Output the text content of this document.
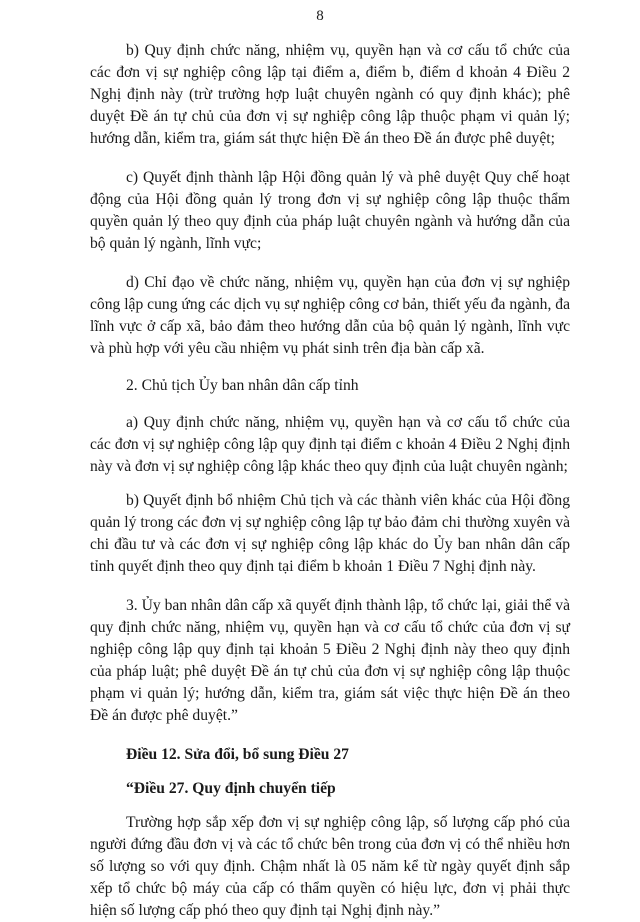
8

b) Quy định chức năng, nhiệm vụ, quyền hạn và cơ cấu tổ chức của các đơn vị sự nghiệp công lập tại điểm a, điểm b, điểm d khoản 4 Điều 2 Nghị định này (trừ trường hợp luật chuyên ngành có quy định khác); phê duyệt Đề án tự chủ của đơn vị sự nghiệp công lập thuộc phạm vi quản lý; hướng dẫn, kiểm tra, giám sát thực hiện Đề án theo Đề án được phê duyệt;

c) Quyết định thành lập Hội đồng quản lý và phê duyệt Quy chế hoạt động của Hội đồng quản lý trong đơn vị sự nghiệp công lập thuộc thẩm quyền quản lý theo quy định của pháp luật chuyên ngành và hướng dẫn của bộ quản lý ngành, lĩnh vực;

d) Chỉ đạo về chức năng, nhiệm vụ, quyền hạn của đơn vị sự nghiệp công lập cung ứng các dịch vụ sự nghiệp công cơ bản, thiết yếu đa ngành, đa lĩnh vực ở cấp xã, bảo đảm theo hướng dẫn của bộ quản lý ngành, lĩnh vực và phù hợp với yêu cầu nhiệm vụ phát sinh trên địa bàn cấp xã.

2. Chủ tịch Ủy ban nhân dân cấp tỉnh

a) Quy định chức năng, nhiệm vụ, quyền hạn và cơ cấu tổ chức của các đơn vị sự nghiệp công lập quy định tại điểm c khoản 4 Điều 2 Nghị định này và đơn vị sự nghiệp công lập khác theo quy định của luật chuyên ngành;

b) Quyết định bổ nhiệm Chủ tịch và các thành viên khác của Hội đồng quản lý trong các đơn vị sự nghiệp công lập tự bảo đảm chi thường xuyên và chi đầu tư và các đơn vị sự nghiệp công lập khác do Ủy ban nhân dân cấp tỉnh quyết định theo quy định tại điểm b khoản 1 Điều 7 Nghị định này.

3. Ủy ban nhân dân cấp xã quyết định thành lập, tổ chức lại, giải thể và quy định chức năng, nhiệm vụ, quyền hạn và cơ cấu tổ chức của đơn vị sự nghiệp công lập quy định tại khoản 5 Điều 2 Nghị định này theo quy định của pháp luật; phê duyệt Đề án tự chủ của đơn vị sự nghiệp công lập thuộc phạm vi quản lý; hướng dẫn, kiểm tra, giám sát việc thực hiện Đề án theo Đề án được phê duyệt.”

Điều 12. Sửa đổi, bổ sung Điều 27

“Điều 27. Quy định chuyển tiếp

Trường hợp sắp xếp đơn vị sự nghiệp công lập, số lượng cấp phó của người đứng đầu đơn vị và các tổ chức bên trong của đơn vị có thể nhiều hơn số lượng so với quy định. Chậm nhất là 05 năm kể từ ngày quyết định sắp xếp tổ chức bộ máy của cấp có thẩm quyền có hiệu lực, đơn vị phải thực hiện số lượng cấp phó theo quy định tại Nghị định này.”
